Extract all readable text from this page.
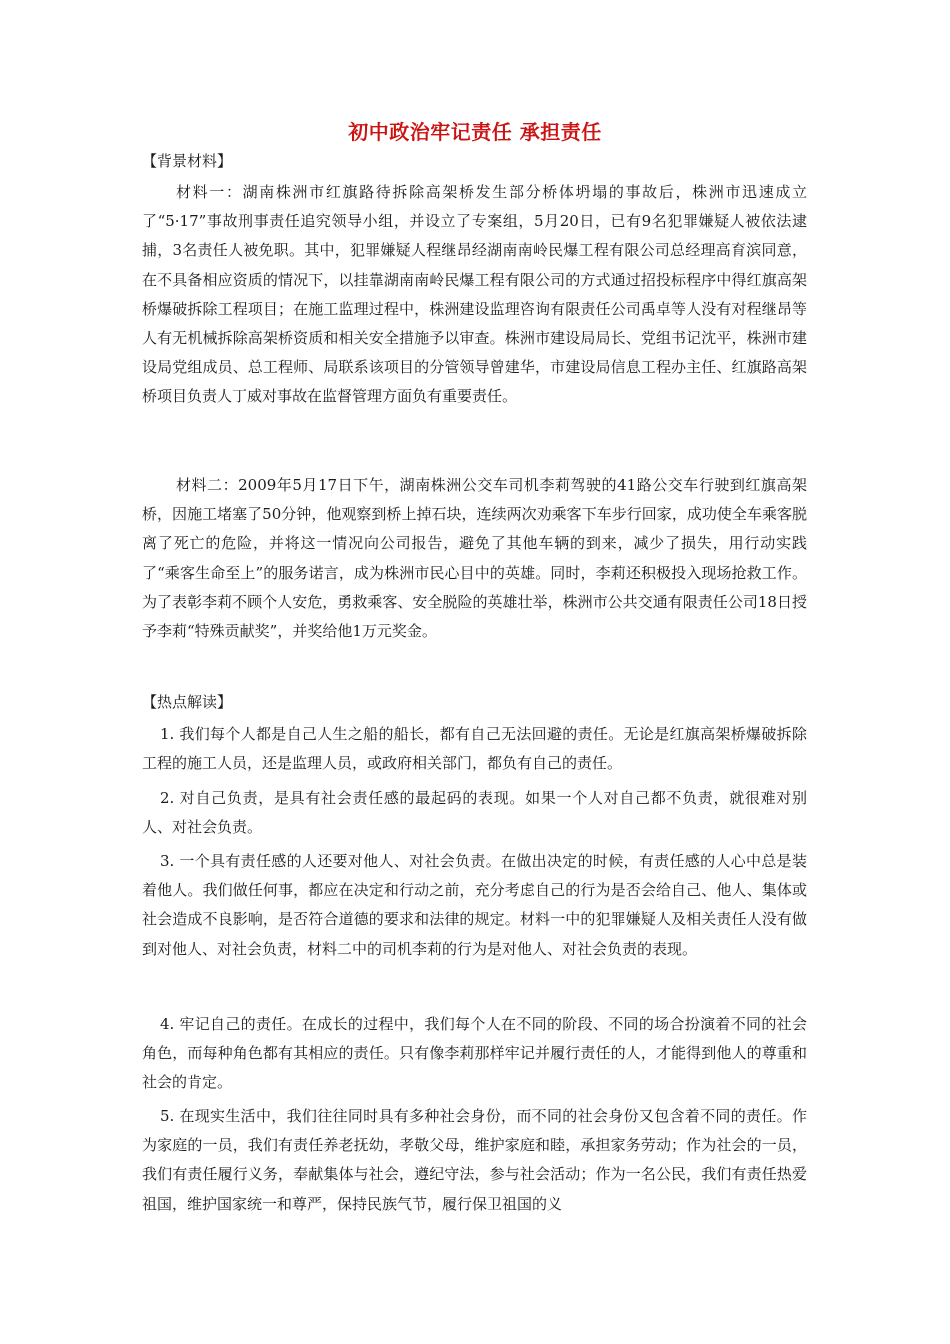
初中政治牢记责任 承担责任
【背景材料】
材料一：湖南株洲市红旗路待拆除高架桥发生部分桥体坍塌的事故后，株洲市迅速成立了“5·17”事故刑事责任追究领导小组，并设立了专案组，5月20日，已有9名犯罪嫌疑人被依法逮捕，3名责任人被免职。其中，犯罪嫌疑人程继昂经湖南南岭民爆工程有限公司总经理高育滨同意，在不具备相应资质的情况下，以挂靠湖南南岭民爆工程有限公司的方式通过招投标程序中得红旗高架桥爆破拆除工程项目；在施工监理过程中，株洲建设监理咨询有限责任公司禹卓等人没有对程继昂等人有无机械拆除高架桥资质和相关安全措施予以审查。株洲市建设局局长、党组书记沈平，株洲市建设局党组成员、总工程师、局联系该项目的分管领导曾建华，市建设局信息工程办主任、红旗路高架桥项目负责人丁威对事故在监督管理方面负有重要责任。
材料二：2009年5月17日下午，湖南株洲公交车司机李莉驾驶的41路公交车行驶到红旗高架桥，因施工堵塞了50分钟，他观察到桥上掉石块，连续两次劝乘客下车步行回家，成功使全车乘客脱离了死亡的危险，并将这一情况向公司报告，避免了其他车辆的到来，减少了损失，用行动实践了“乘客生命至上”的服务诺言，成为株洲市民心目中的英雄。同时，李莉还积极投入现场抢救工作。为了表彰李莉不顾个人安危，勇救乘客、安全脱险的英雄壮举，株洲市公共交通有限责任公司18日授予李莉“特殊贡献奖”，并奖给他1万元奖金。
【热点解读】
1. 我们每个人都是自己人生之船的船长，都有自己无法回避的责任。无论是红旗高架桥爆破拆除工程的施工人员，还是监理人员，或政府相关部门，都负有自己的责任。
2. 对自己负责，是具有社会责任感的最起码的表现。如果一个人对自己都不负责，就很难对别人、对社会负责。
3. 一个具有责任感的人还要对他人、对社会负责。在做出决定的时候，有责任感的人心中总是装着他人。我们做任何事，都应在决定和行动之前，充分考虑自己的行为是否会给自己、他人、集体或社会造成不良影响，是否符合道德的要求和法律的规定。材料一中的犯罪嫌疑人及相关责任人没有做到对他人、对社会负责，材料二中的司机李莉的行为是对他人、对社会负责的表现。
4. 牢记自己的责任。在成长的过程中，我们每个人在不同的阶段、不同的场合扮演着不同的社会角色，而每种角色都有其相应的责任。只有像李莉那样牢记并履行责任的人，才能得到他人的尊重和社会的肯定。
5. 在现实生活中，我们往往同时具有多种社会身份，而不同的社会身份又包含着不同的责任。作为家庭的一员，我们有责任养老抚幼，孝敬父母，维护家庭和睦，承担家务劳动；作为社会的一员，我们有责任履行义务，奉献集体与社会，遵纪守法，参与社会活动；作为一名公民，我们有责任热爱祖国，维护国家统一和尊严，保持民族气节，履行保卫祖国的义
